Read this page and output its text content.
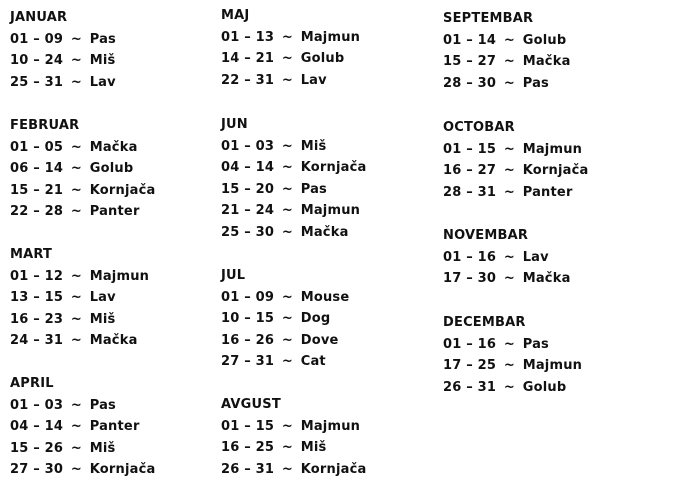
JANUAR
01 – 09 ~ Pas
10 – 24 ~ Miš
25 – 31 ~ Lav
FEBRUAR
01 – 05 ~ Mačka
06 – 14 ~ Golub
15 – 21 ~ Kornjača
22 – 28 ~ Panter
MART
01 – 12 ~ Majmun
13 – 15 ~ Lav
16 – 23 ~ Miš
24 – 31 ~ Mačka
APRIL
01 – 03 ~ Pas
04 – 14 ~ Panter
15 – 26 ~ Miš
27 – 30 ~ Kornjača
MAJ
01 – 13 ~ Majmun
14 – 21 ~ Golub
22 – 31 ~ Lav
JUN
01 – 03 ~ Miš
04 – 14 ~ Kornjača
15 – 20 ~ Pas
21 – 24 ~ Majmun
25 – 30 ~ Mačka
JUL
01 – 09 ~ Mouse
10 – 15 ~ Dog
16 – 26 ~ Dove
27 – 31 ~ Cat
AVGUST
01 – 15 ~ Majmun
16 – 25 ~ Miš
26 – 31 ~ Kornjača
SEPTEMBAR
01 – 14 ~ Golub
15 – 27 ~ Mačka
28 – 30 ~ Pas
OCTOBAR
01 – 15 ~ Majmun
16 – 27 ~ Kornjača
28 – 31 ~ Panter
NOVEMBAR
01 – 16 ~ Lav
17 – 30 ~ Mačka
DECEMBAR
01 – 16 ~ Pas
17 – 25 ~ Majmun
26 – 31 ~ Golub
